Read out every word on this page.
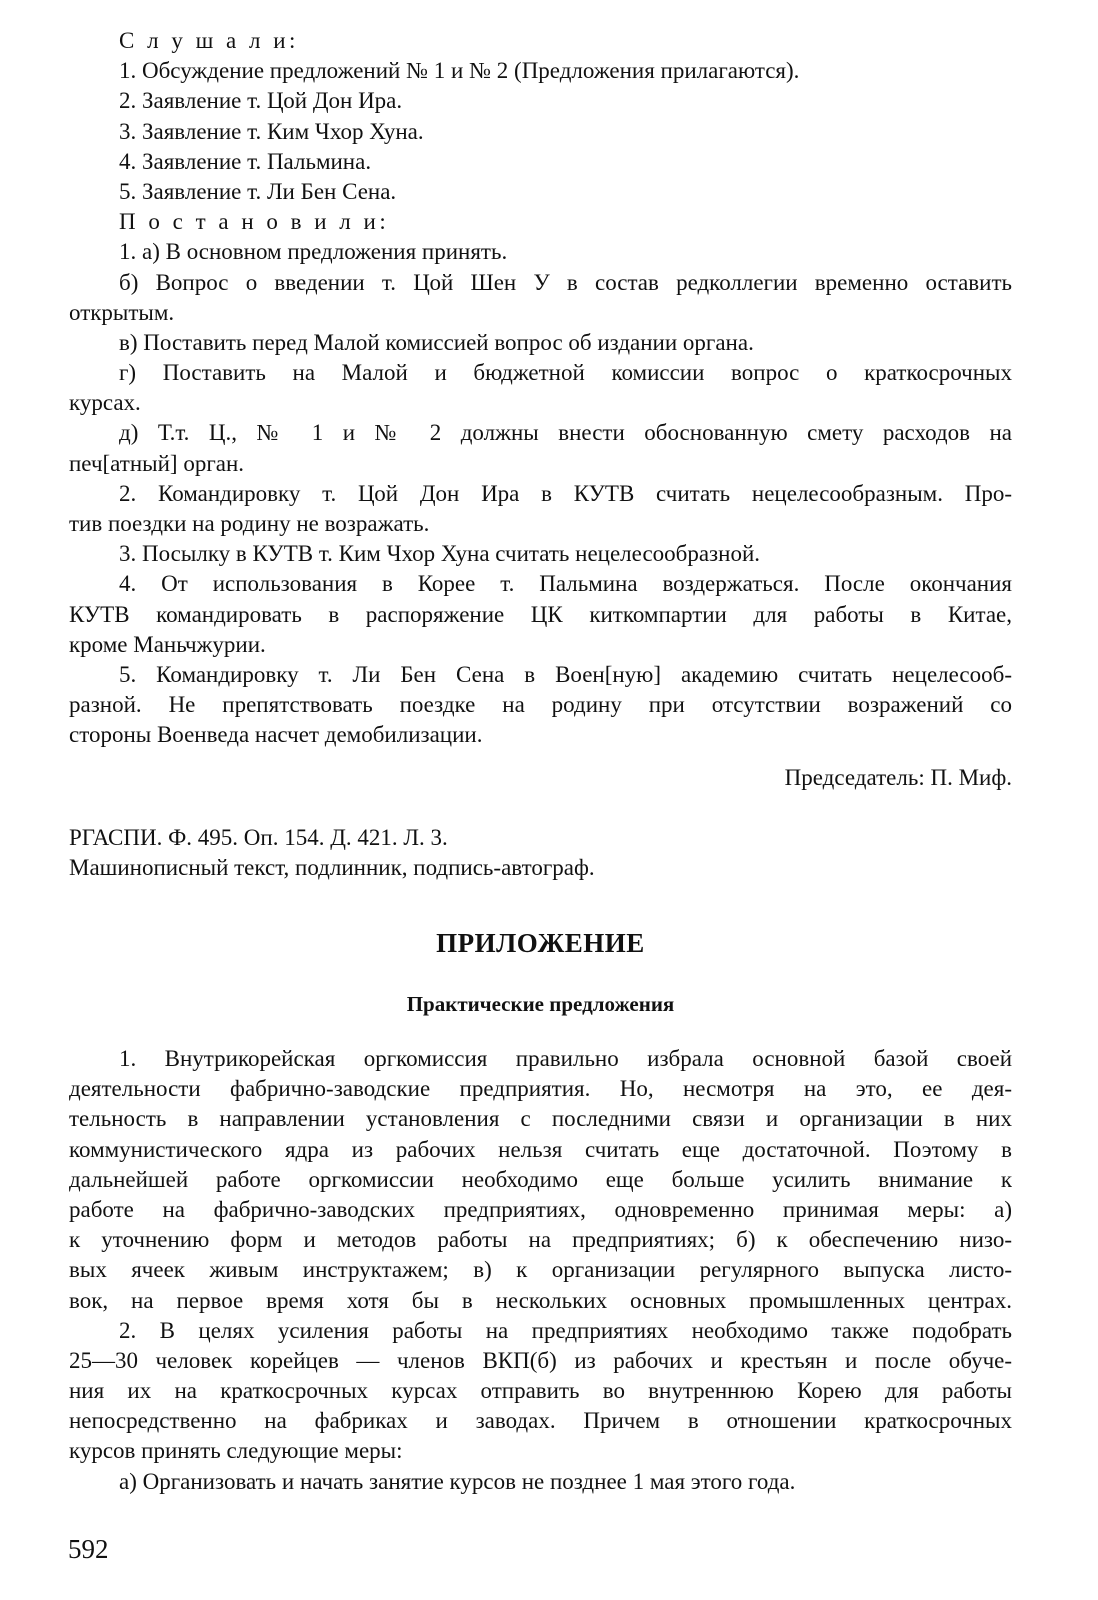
С л у ш а л и:
1. Обсуждение предложений № 1 и № 2 (Предложения прилагаются).
2. Заявление т. Цой Дон Ира.
3. Заявление т. Ким Чхор Хуна.
4. Заявление т. Пальмина.
5. Заявление т. Ли Бен Сена.
П о с т а н о в и л и:
1. а) В основном предложения принять.
б) Вопрос о введении т. Цой Шен У в состав редколлегии временно оставить
открытым.
в) Поставить перед Малой комиссией вопрос об издании органа.
г) Поставить на Малой и бюджетной комиссии вопрос о краткосрочных
курсах.
д) Т.т. Ц., № 1 и № 2 должны внести обоснованную смету расходов на
печ[атный] орган.
2. Командировку т. Цой Дон Ира в КУТВ считать нецелесообразным. Про-
тив поездки на родину не возражать.
3. Посылку в КУТВ т. Ким Чхор Хуна считать нецелесообразной.
4. От использования в Корее т. Пальмина воздержаться. После окончания
КУТВ командировать в распоряжение ЦК киткомпартии для работы в Китае,
кроме Маньчжурии.
5. Командировку т. Ли Бен Сена в Воен[ную] академию считать нецелесооб-
разной. Не препятствовать поездке на родину при отсутствии возражений со
стороны Военведа насчет демобилизации.
Председатель: П. Миф.
РГАСПИ. Ф. 495. Оп. 154. Д. 421. Л. 3.
Машинописный текст, подлинник, подпись-автограф.
ПРИЛОЖЕНИЕ
Практические предложения
1. Внутрикорейская оргкомиссия правильно избрала основной базой своей
деятельности фабрично-заводские предприятия. Но, несмотря на это, ее дея-
тельность в направлении установления с последними связи и организации в них
коммунистического ядра из рабочих нельзя считать еще достаточной. Поэтому в
дальнейшей работе оргкомиссии необходимо еще больше усилить внимание к
работе на фабрично-заводских предприятиях, одновременно принимая меры: а)
к уточнению форм и методов работы на предприятиях; б) к обеспечению низо-
вых ячеек живым инструктажем; в) к организации регулярного выпуска листо-
вок, на первое время хотя бы в нескольких основных промышленных центрах.
2. В целях усиления работы на предприятиях необходимо также подобрать
25—30 человек корейцев — членов ВКП(б) из рабочих и крестьян и после обуче-
ния их на краткосрочных курсах отправить во внутреннюю Корею для работы
непосредственно на фабриках и заводах. Причем в отношении краткосрочных
курсов принять следующие меры:
а) Организовать и начать занятие курсов не позднее 1 мая этого года.
592
